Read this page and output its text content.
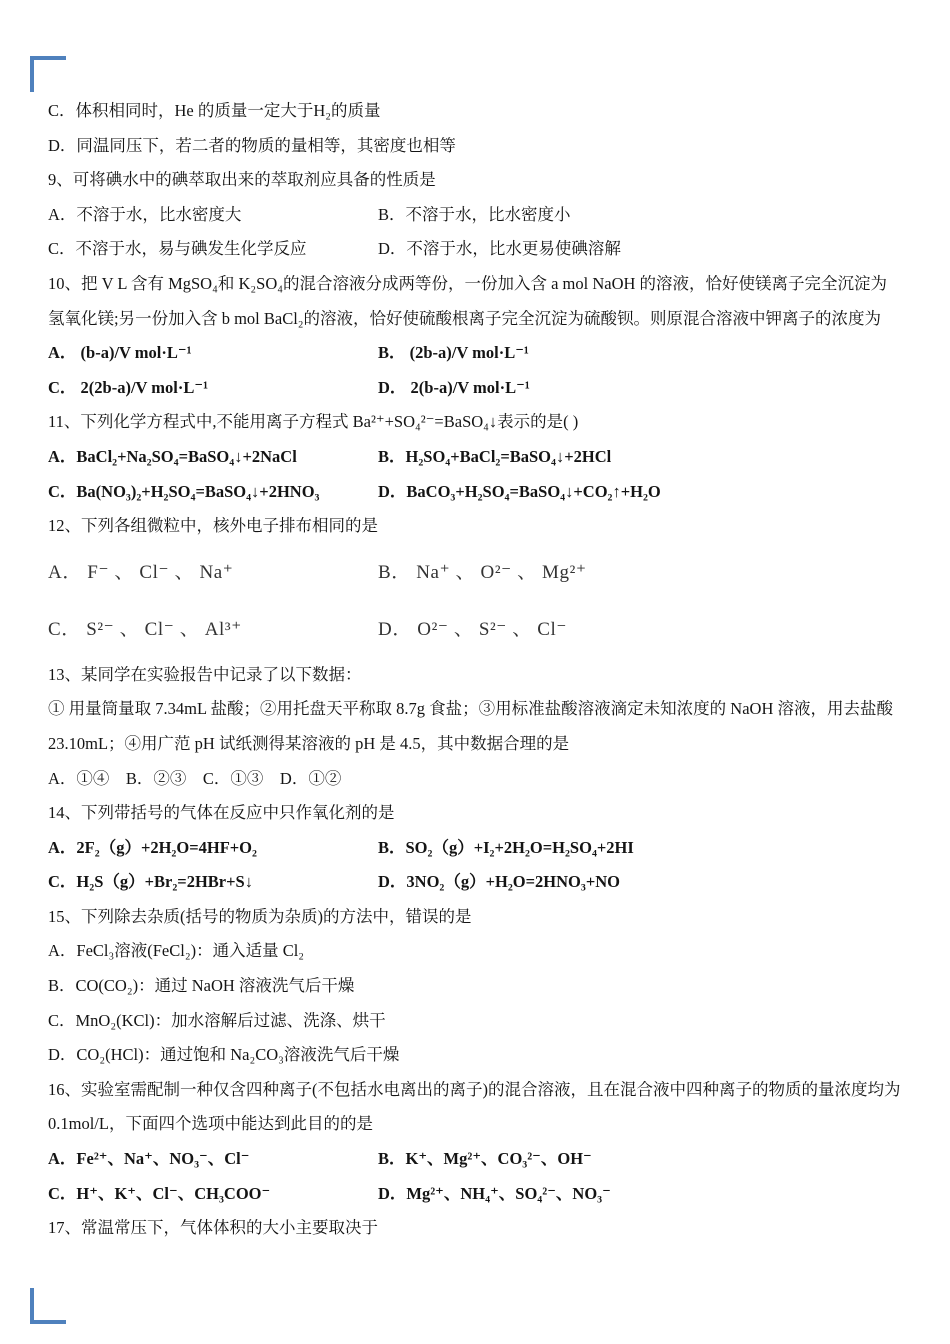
C．体积相同时，He 的质量一定大于H₂的质量
D．同温同压下，若二者的物质的量相等，其密度也相等
9、可将碘水中的碘萃取出来的萃取剂应具备的性质是
A．不溶于水，比水密度大	B．不溶于水，比水密度小
C．不溶于水，易与碘发生化学反应	D．不溶于水，比水更易使碘溶解
10、把 V L 含有 MgSO₄和 K₂SO₄的混合溶液分成两等份，一份加入含 a mol NaOH 的溶液，恰好使镁离子完全沉淀为
氢氧化镁;另一份加入含 b mol BaCl₂的溶液，恰好使硫酸根离子完全沉淀为硫酸钡。则原混合溶液中钾离子的浓度为
A． (b-a)/V mol·L⁻¹	B． (2b-a)/V mol·L⁻¹
C． 2(2b-a)/V mol·L⁻¹	D． 2(b-a)/V mol·L⁻¹
11、下列化学方程式中,不能用离子方程式 Ba²⁺+SO₄²⁻=BaSO₄↓表示的是( )
A．BaCl₂+Na₂SO₄=BaSO₄↓+2NaCl	B．H₂SO₄+BaCl₂=BaSO₄↓+2HCl
C．Ba(NO₃)₂+H₂SO₄=BaSO₄↓+2HNO₃	D．BaCO₃+H₂SO₄=BaSO₄↓+CO₂↑+H₂O
12、下列各组微粒中，核外电子排布相同的是
A． F⁻ 、 Cl⁻ 、 Na⁺	B． Na⁺ 、 O²⁻ 、 Mg²⁺
C． S²⁻ 、 Cl⁻ 、 Al³⁺	D． O²⁻ 、 S²⁻ 、 Cl⁻
13、某同学在实验报告中记录了以下数据：
① 用量筒量取 7.34mL 盐酸；②用托盘天平称取 8.7g 食盐；③用标准盐酸溶液滴定未知浓度的 NaOH 溶液，用去盐酸
23.10mL；④用广范 pH 试纸测得某溶液的 pH 是 4.5，其中数据合理的是
A．①④　B．②③　C．①③　D．①②
14、下列带括号的气体在反应中只作氧化剂的是
A．2F₂（g）+2H₂O=4HF+O₂	B．SO₂（g）+I₂+2H₂O=H₂SO₄+2HI
C．H₂S（g）+Br₂=2HBr+S↓	D．3NO₂（g）+H₂O=2HNO₃+NO
15、下列除去杂质(括号的物质为杂质)的方法中，错误的是
A．FeCl₃溶液(FeCl₂)：通入适量 Cl₂
B．CO(CO₂)：通过 NaOH 溶液洗气后干燥
C．MnO₂(KCl)：加水溶解后过滤、洗涤、烘干
D．CO₂(HCl)：通过饱和 Na₂CO₃溶液洗气后干燥
16、实验室需配制一种仅含四种离子(不包括水电离出的离子)的混合溶液，且在混合液中四种离子的物质的量浓度均为
0.1mol/L，下面四个选项中能达到此目的的是
A．Fe²⁺、Na⁺、NO₃⁻、Cl⁻	B．K⁺、Mg²⁺、CO₃²⁻、OH⁻
C．H⁺、K⁺、Cl⁻、CH₃COO⁻	D．Mg²⁺、NH₄⁺、SO₄²⁻、NO₃⁻
17、常温常压下，气体体积的大小主要取决于
